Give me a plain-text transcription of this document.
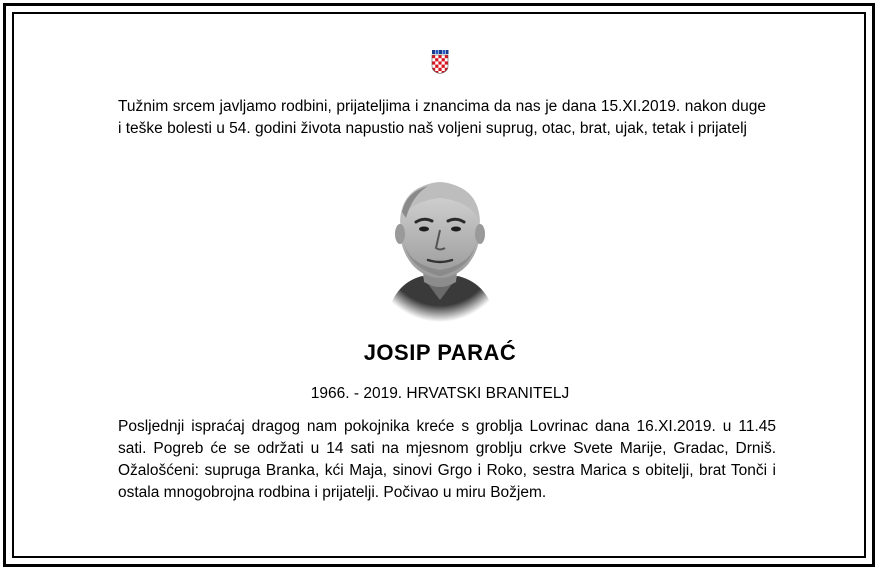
Tužnim srcem javljamo rodbini, prijateljima i znancima da nas je dana 15.XI.2019. nakon duge i teške bolesti u 54. godini života napustio naš voljeni suprug, otac, brat, ujak, tetak i prijatelj

JOSIP PARAĆ

1966. - 2019. HRVATSKI BRANITELJ

Posljednji ispraćaj dragog nam pokojnika kreće s groblja Lovrinac dana 16.XI.2019. u 11.45 sati. Pogreb će se održati u 14 sati na mjesnom groblju crkve Svete Marije, Gradac, Drniš. Ožalošćeni: supruga Branka, kći Maja, sinovi Grgo i Roko, sestra Marica s obitelji, brat Tonči i ostala mnogobrojna rodbina i prijatelji. Počivao u miru Božjem.
